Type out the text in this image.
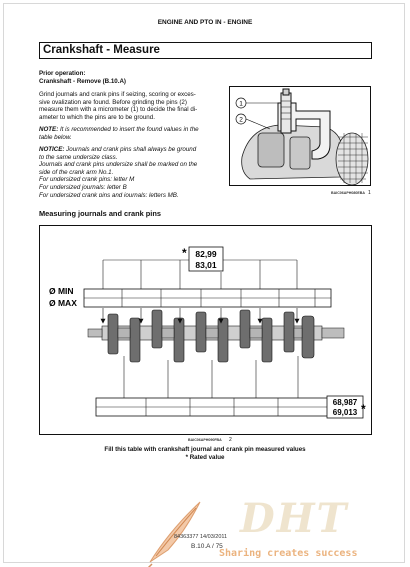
ENGINE AND PTO IN - ENGINE
Crankshaft - Measure
Prior operation:
Crankshaft - Remove (B.10.A)
Grind journals and crank pins if seizing, scoring or exces-
sive ovalization are found. Before grinding the pins (2)
measure them with a micrometer (1) to decide the final di-
ameter to which the pins are to be ground.
NOTE: It is recommended to insert the found values in the
table below.
NOTICE: Journals and crank pins shall always be ground
to the same undersize class.
Journals and crank pins undersize shall be marked on the
side of the crank arm No.1.
For undersized crank pins: letter M
For undersized journals: letter B
For undersized crank pins and journals: letters MB.
1
2
BAIC06APH080EBA 1
Measuring journals and crank pins
* 82,99
83,01
Ø MIN
Ø MAX
68,987
69,013 *
BAIC06APH090FBA 2
Fill this table with crankshaft journal and crank pin measured values
* Rated value
DHT
84363377 14/03/2011
B.10.A / 75
Sharing creates success
